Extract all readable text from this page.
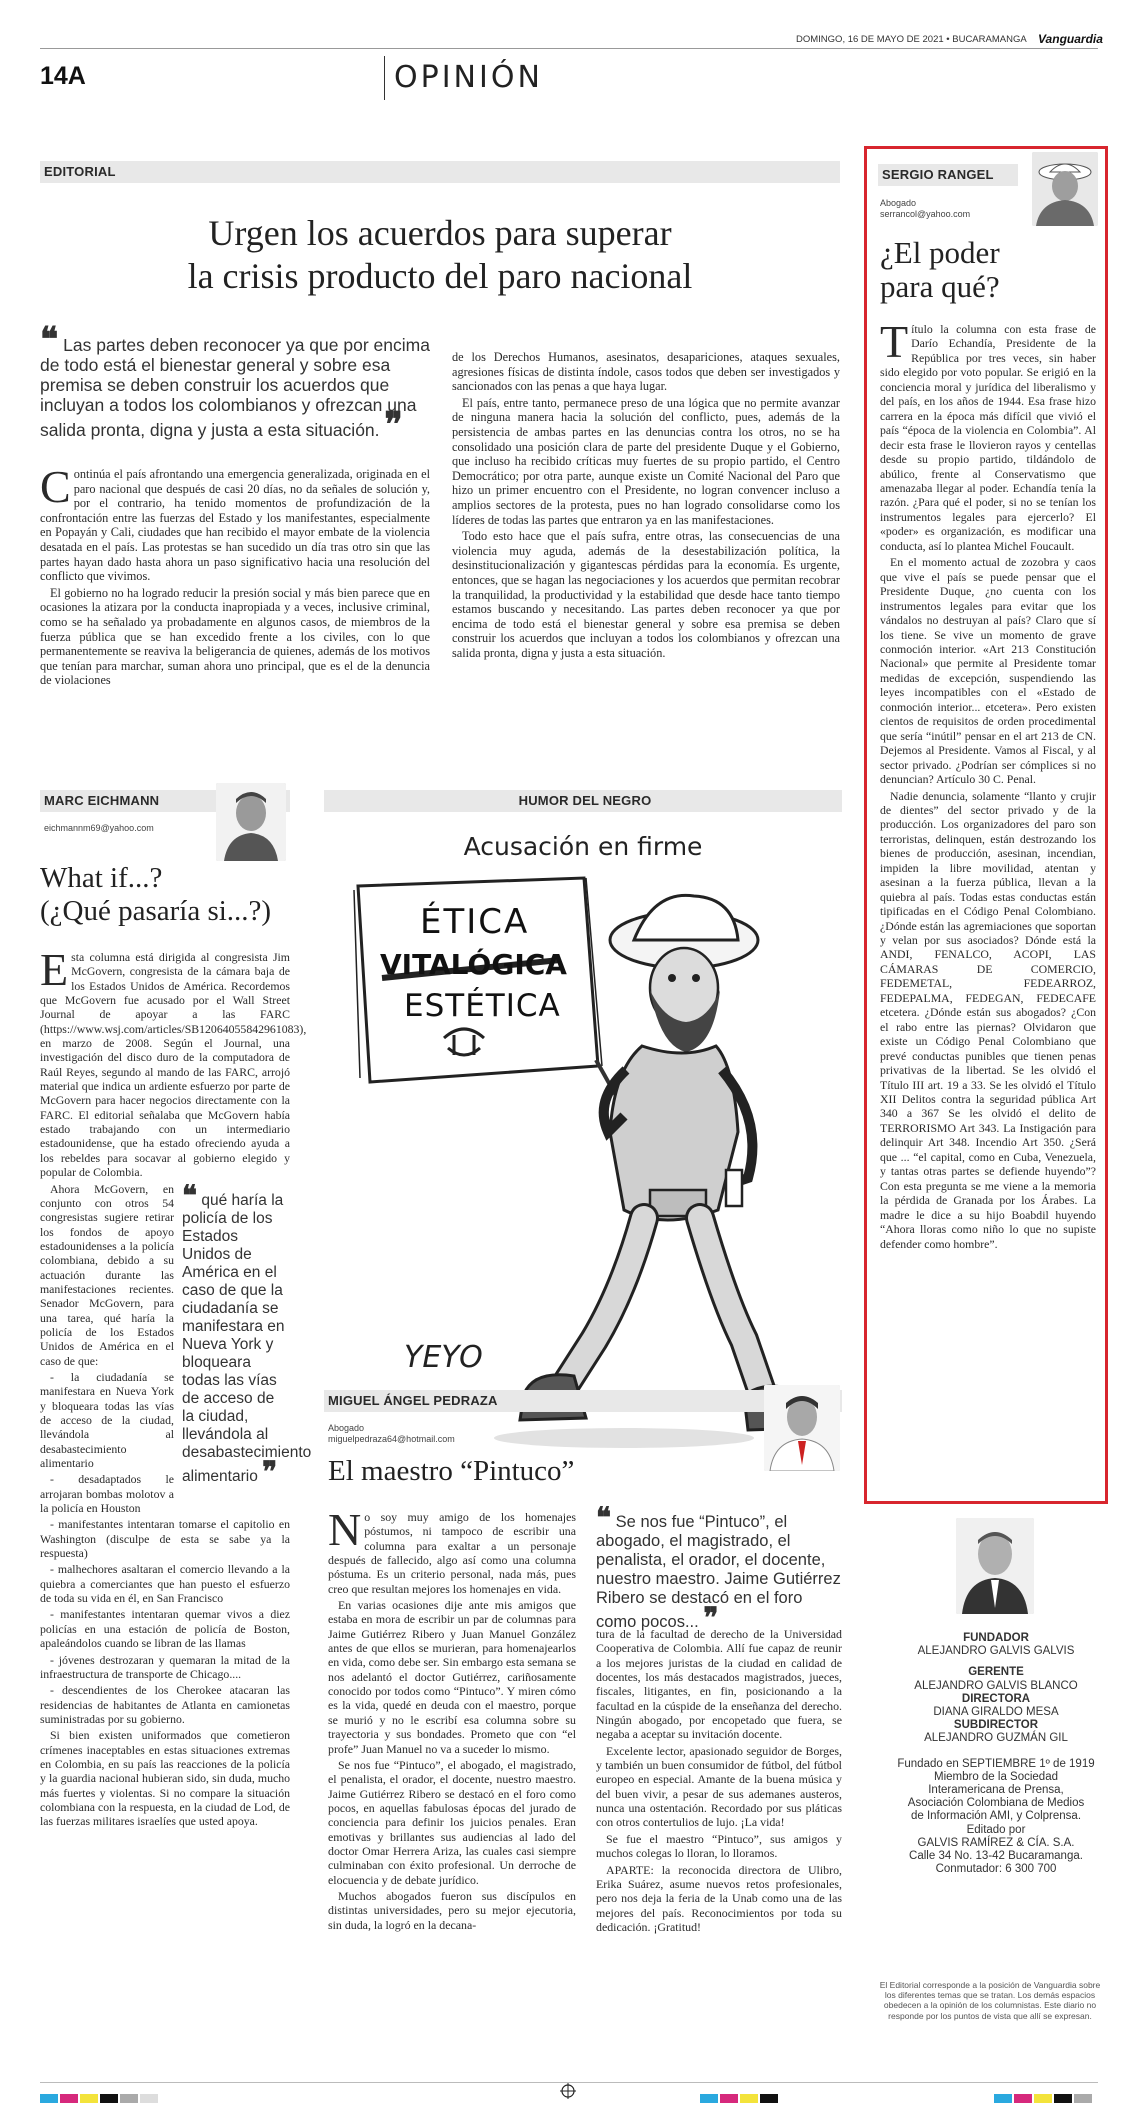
DOMINGO, 16 DE MAYO DE 2021 • BUCARAMANGA Vanguardia
14A	OPINIÓN
EDITORIAL
Urgen los acuerdos para superar
la crisis producto del paro nacional
❝ Las partes deben reconocer ya que por encima de todo está el bienestar general y sobre esa premisa se deben construir los acuerdos que incluyan a todos los colombianos y ofrezcan una salida pronta, digna y justa a esta situación. ❞
C ontinúa el país afrontando una emergencia generalizada, originada en el paro nacional que después de casi 20 días, no da señales de solución y, por el contrario, ha tenido momentos de profundización de la confrontación entre las fuerzas del Estado y los manifestantes, especialmente en Popayán y Cali, ciudades que han recibido el mayor embate de la violencia desatada en el país. Las protestas se han sucedido un día tras otro sin que las partes hayan dado hasta ahora un paso significativo hacia una resolución del conflicto que vivimos.

El gobierno no ha logrado reducir la presión social y más bien parece que en ocasiones la atizara por la conducta inapropiada y a veces, inclusive criminal, como se ha señalado ya probadamente en algunos casos, de miembros de la fuerza pública que se han excedido frente a los civiles, con lo que permanentemente se reaviva la beligerancia de quienes, además de los motivos que tenían para marchar, suman ahora uno principal, que es el de la denuncia de violaciones

de los Derechos Humanos, asesinatos, desapariciones, ataques sexuales, agresiones físicas de distinta índole, casos todos que deben ser investigados y sancionados con las penas a que haya lugar.

El país, entre tanto, permanece preso de una lógica que no permite avanzar de ninguna manera hacia la solución del conflicto, pues, además de la persistencia de ambas partes en las denuncias contra los otros, no se ha consolidado una posición clara de parte del presidente Duque y el Gobierno, que incluso ha recibido críticas muy fuertes de su propio partido, el Centro Democrático; por otra parte, aunque existe un Comité Nacional del Paro que hizo un primer encuentro con el Presidente, no logran convencer incluso a amplios sectores de la protesta, pues no han logrado consolidarse como los líderes de todas las partes que entraron ya en las manifestaciones.

Todo esto hace que el país sufra, entre otras, las consecuencias de una violencia muy aguda, además de la desestabilización política, la desinstitucionalización y gigantescas pérdidas para la economía. Es urgente, entonces, que se hagan las negociaciones y los acuerdos que permitan recobrar la tranquilidad, la productividad y la estabilidad que desde hace tanto tiempo estamos buscando y necesitando. Las partes deben reconocer ya que por encima de todo está el bienestar general y sobre esa premisa se deben construir los acuerdos que incluyan a todos los colombianos y ofrezcan una salida pronta, digna y justa a esta situación.

MARC EICHMANN
eichmannm69@yahoo.com
What if...?
(¿Qué pasaría si...?)
E sta columna está dirigida al congresista Jim McGovern, congresista de la cámara baja de los Estados Unidos de América. Recordemos que McGovern fue acusado por el Wall Street Journal de apoyar a las FARC (https://www.wsj.com/articles/SB12064055842961083), en marzo de 2008. Según el Journal, una investigación del disco duro de la computadora de Raúl Reyes, segundo al mando de las FARC, arrojó material que indica un ardiente esfuerzo por parte de McGovern para hacer negocios directamente con la FARC. El editorial señalaba que McGovern había estado trabajando con un intermediario estadounidense, que ha estado ofreciendo ayuda a los rebeldes para socavar al gobierno elegido y popular de Colombia.

❝ qué haría la policía de los Estados Unidos de América en el caso de que la ciudadanía se manifestara en Nueva York y bloqueara todas las vías de acceso de la ciudad, llevándola al desabastecimiento alimentario ❞

Ahora McGovern, en conjunto con otros 54 congresistas sugiere retirar los fondos de apoyo estadounidenses a la policía colombiana, debido a su actuación durante las manifestaciones recientes. Senador McGovern, para una tarea, qué haría la policía de los Estados Unidos de América en el caso de que:

- la ciudadanía se manifestara en Nueva York y bloqueara todas las vías de acceso de la ciudad, llevándola al desabastecimiento alimentario

- desadaptados le arrojaran bombas molotov a la policía en Houston

- manifestantes intentaran tomarse el capitolio en Washington (disculpe de esta se sabe ya la respuesta)

- malhechores asaltaran el comercio llevando a la quiebra a comerciantes que han puesto el esfuerzo de toda su vida en él, en San Francisco

- manifestantes intentaran quemar vivos a diez policías en una estación de policía de Boston, apaleándolos cuando se libran de las llamas

- jóvenes destrozaran y quemaran la mitad de la infraestructura de transporte de Chicago....

- descendientes de los Cherokee atacaran las residencias de habitantes de Atlanta en camionetas suministradas por su gobierno.

Si bien existen uniformados que cometieron crímenes inaceptables en estas situaciones extremas en Colombia, en su país las reacciones de la policía y la guardia nacional hubieran sido, sin duda, mucho más fuertes y violentas. Si no compare la situación colombiana con la respuesta, en la ciudad de Lod, de las fuerzas militares israelíes que usted apoya.

HUMOR DEL NEGRO
Acusación en firme
ÉTICA
VITALÓGICA
ESTÉTICA
YEYO
MIGUEL ÁNGEL PEDRAZA
Abogado
miguelpedraza64@hotmail.com
El maestro “Pintuco”
N o soy muy amigo de los homenajes póstumos, ni tampoco de escribir una columna para exaltar a un personaje después de fallecido, algo así como una columna póstuma. Es un criterio personal, nada más, pues creo que resultan mejores los homenajes en vida.

En varias ocasiones dije ante mis amigos que estaba en mora de escribir un par de columnas para Jaime Gutiérrez Ribero y Juan Manuel González antes de que ellos se murieran, para homenajearlos en vida, como debe ser. Sin embargo esta semana se nos adelantó el doctor Gutiérrez, cariñosamente conocido por todos como “Pintuco”. Y miren cómo es la vida, quedé en deuda con el maestro, porque se murió y no le escribí esa columna sobre su trayectoria y sus bondades. Prometo que con “el profe” Juan Manuel no va a suceder lo mismo.

Se nos fue “Pintuco”, el abogado, el magistrado, el penalista, el orador, el docente, nuestro maestro. Jaime Gutiérrez Ribero se destacó en el foro como pocos, en aquellas fabulosas épocas del jurado de conciencia para definir los juicios penales. Eran emotivas y brillantes sus audiencias al lado del doctor Omar Herrera Ariza, las cuales casi siempre culminaban con éxito profesional. Un derroche de elocuencia y de debate jurídico.

Muchos abogados fueron sus discípulos en distintas universidades, pero su mejor ejecutoria, sin duda, la logró en la decana-

❝ Se nos fue “Pintuco”, el abogado, el magistrado, el penalista, el orador, el docente, nuestro maestro. Jaime Gutiérrez Ribero se destacó en el foro como pocos... ❞

tura de la facultad de derecho de la Universidad Cooperativa de Colombia. Allí fue capaz de reunir a los mejores juristas de la ciudad en calidad de docentes, los más destacados magistrados, jueces, fiscales, litigantes, en fin, posicionando a la facultad en la cúspide de la enseñanza del derecho. Ningún abogado, por encopetado que fuera, se negaba a aceptar su invitación docente.

Excelente lector, apasionado seguidor de Borges, y también un buen consumidor de fútbol, del fútbol europeo en especial. Amante de la buena música y del buen vivir, a pesar de sus ademanes austeros, nunca una ostentación. Recordado por sus pláticas con otros contertulios de lujo. ¡La vida!

Se fue el maestro “Pintuco”, sus amigos y muchos colegas lo lloran, lo lloramos.

APARTE: la reconocida directora de Ulibro, Erika Suárez, asume nuevos retos profesionales, pero nos deja la feria de la Unab como una de las mejores del país. Reconocimientos por toda su dedicación. ¡Gratitud!

SERGIO RANGEL
Abogado
serrancol@yahoo.com
¿El poder
para qué?
T ítulo la columna con esta frase de Darío Echandía, Presidente de la República por tres veces, sin haber sido elegido por voto popular. Se erigió en la conciencia moral y jurídica del liberalismo y del país, en los años de 1944. Esa frase hizo carrera en la época más difícil que vivió el país “época de la violencia en Colombia”. Al decir esta frase le llovieron rayos y centellas desde su propio partido, tildándolo de abúlico, frente al Conservatismo que amenazaba llegar al poder. Echandía tenía la razón. ¿Para qué el poder, si no se tenían los instrumentos legales para ejercerlo? El «poder» es organización, es modificar una conducta, así lo plantea Michel Foucault.

En el momento actual de zozobra y caos que vive el país se puede pensar que el Presidente Duque, ¿no cuenta con los instrumentos legales para evitar que los vándalos no destruyan al país? Claro que sí los tiene. Se vive un momento de grave conmoción interior. «Art 213 Constitución Nacional» que permite al Presidente tomar medidas de excepción, suspendiendo las leyes incompatibles con el «Estado de conmoción interior... etcetera». Pero existen cientos de requisitos de orden procedimental que sería “inútil” pensar en el art 213 de CN. Dejemos al Presidente. Vamos al Fiscal, y al sector privado. ¿Podrían ser cómplices si no denuncian? Artículo 30 C. Penal.

Nadie denuncia, solamente “llanto y crujir de dientes” del sector privado y de la producción. Los organizadores del paro son terroristas, delinquen, están destrozando los bienes de producción, asesinan, incendian, impiden la libre movilidad, atentan y asesinan a la fuerza pública, llevan a la quiebra al país. Todas estas conductas están tipificadas en el Código Penal Colombiano. ¿Dónde están las agremiaciones que soportan y velan por sus asociados? Dónde está la ANDI, FENALCO, ACOPI, LAS CÁMARAS DE COMERCIO, FEDEMETAL, FEDEARROZ, FEDEPALMA, FEDEGAN, FEDECAFE etcetera. ¿Dónde están sus abogados? ¿Con el rabo entre las piernas? Olvidaron que existe un Código Penal Colombiano que prevé conductas punibles que tienen penas privativas de la libertad. Se les olvidó el Título III art. 19 a 33. Se les olvidó el Título XII Delitos contra la seguridad pública Art 340 a 367 Se les olvidó el delito de TERRORISMO Art 343. La Instigación para delinquir Art 348. Incendio Art 350. ¿Será que ... “el capital, como en Cuba, Venezuela, y tantas otras partes se defiende huyendo”? Con esta pregunta se me viene a la memoria la pérdida de Granada por los Árabes. La madre le dice a su hijo Boabdil huyendo “Ahora lloras como niño lo que no supiste defender como hombre”.

FUNDADOR
ALEJANDRO GALVIS GALVIS
GERENTE
ALEJANDRO GALVIS BLANCO
DIRECTORA
DIANA GIRALDO MESA
SUBDIRECTOR
ALEJANDRO GUZMÁN GIL
Fundado en SEPTIEMBRE 1º de 1919
Miembro de la Sociedad
Interamericana de Prensa,
Asociación Colombiana de Medios
de Información AMI, y Colprensa.
Editado por
GALVIS RAMÍREZ & CÍA. S.A.
Calle 34 No. 13-42 Bucaramanga.
Conmutador: 6 300 700
El Editorial corresponde a la posición de Vanguardia sobre los diferentes temas que se tratan. Los demás espacios obedecen a la opinión de los columnistas. Este diario no responde por los puntos de vista que allí se expresan.
